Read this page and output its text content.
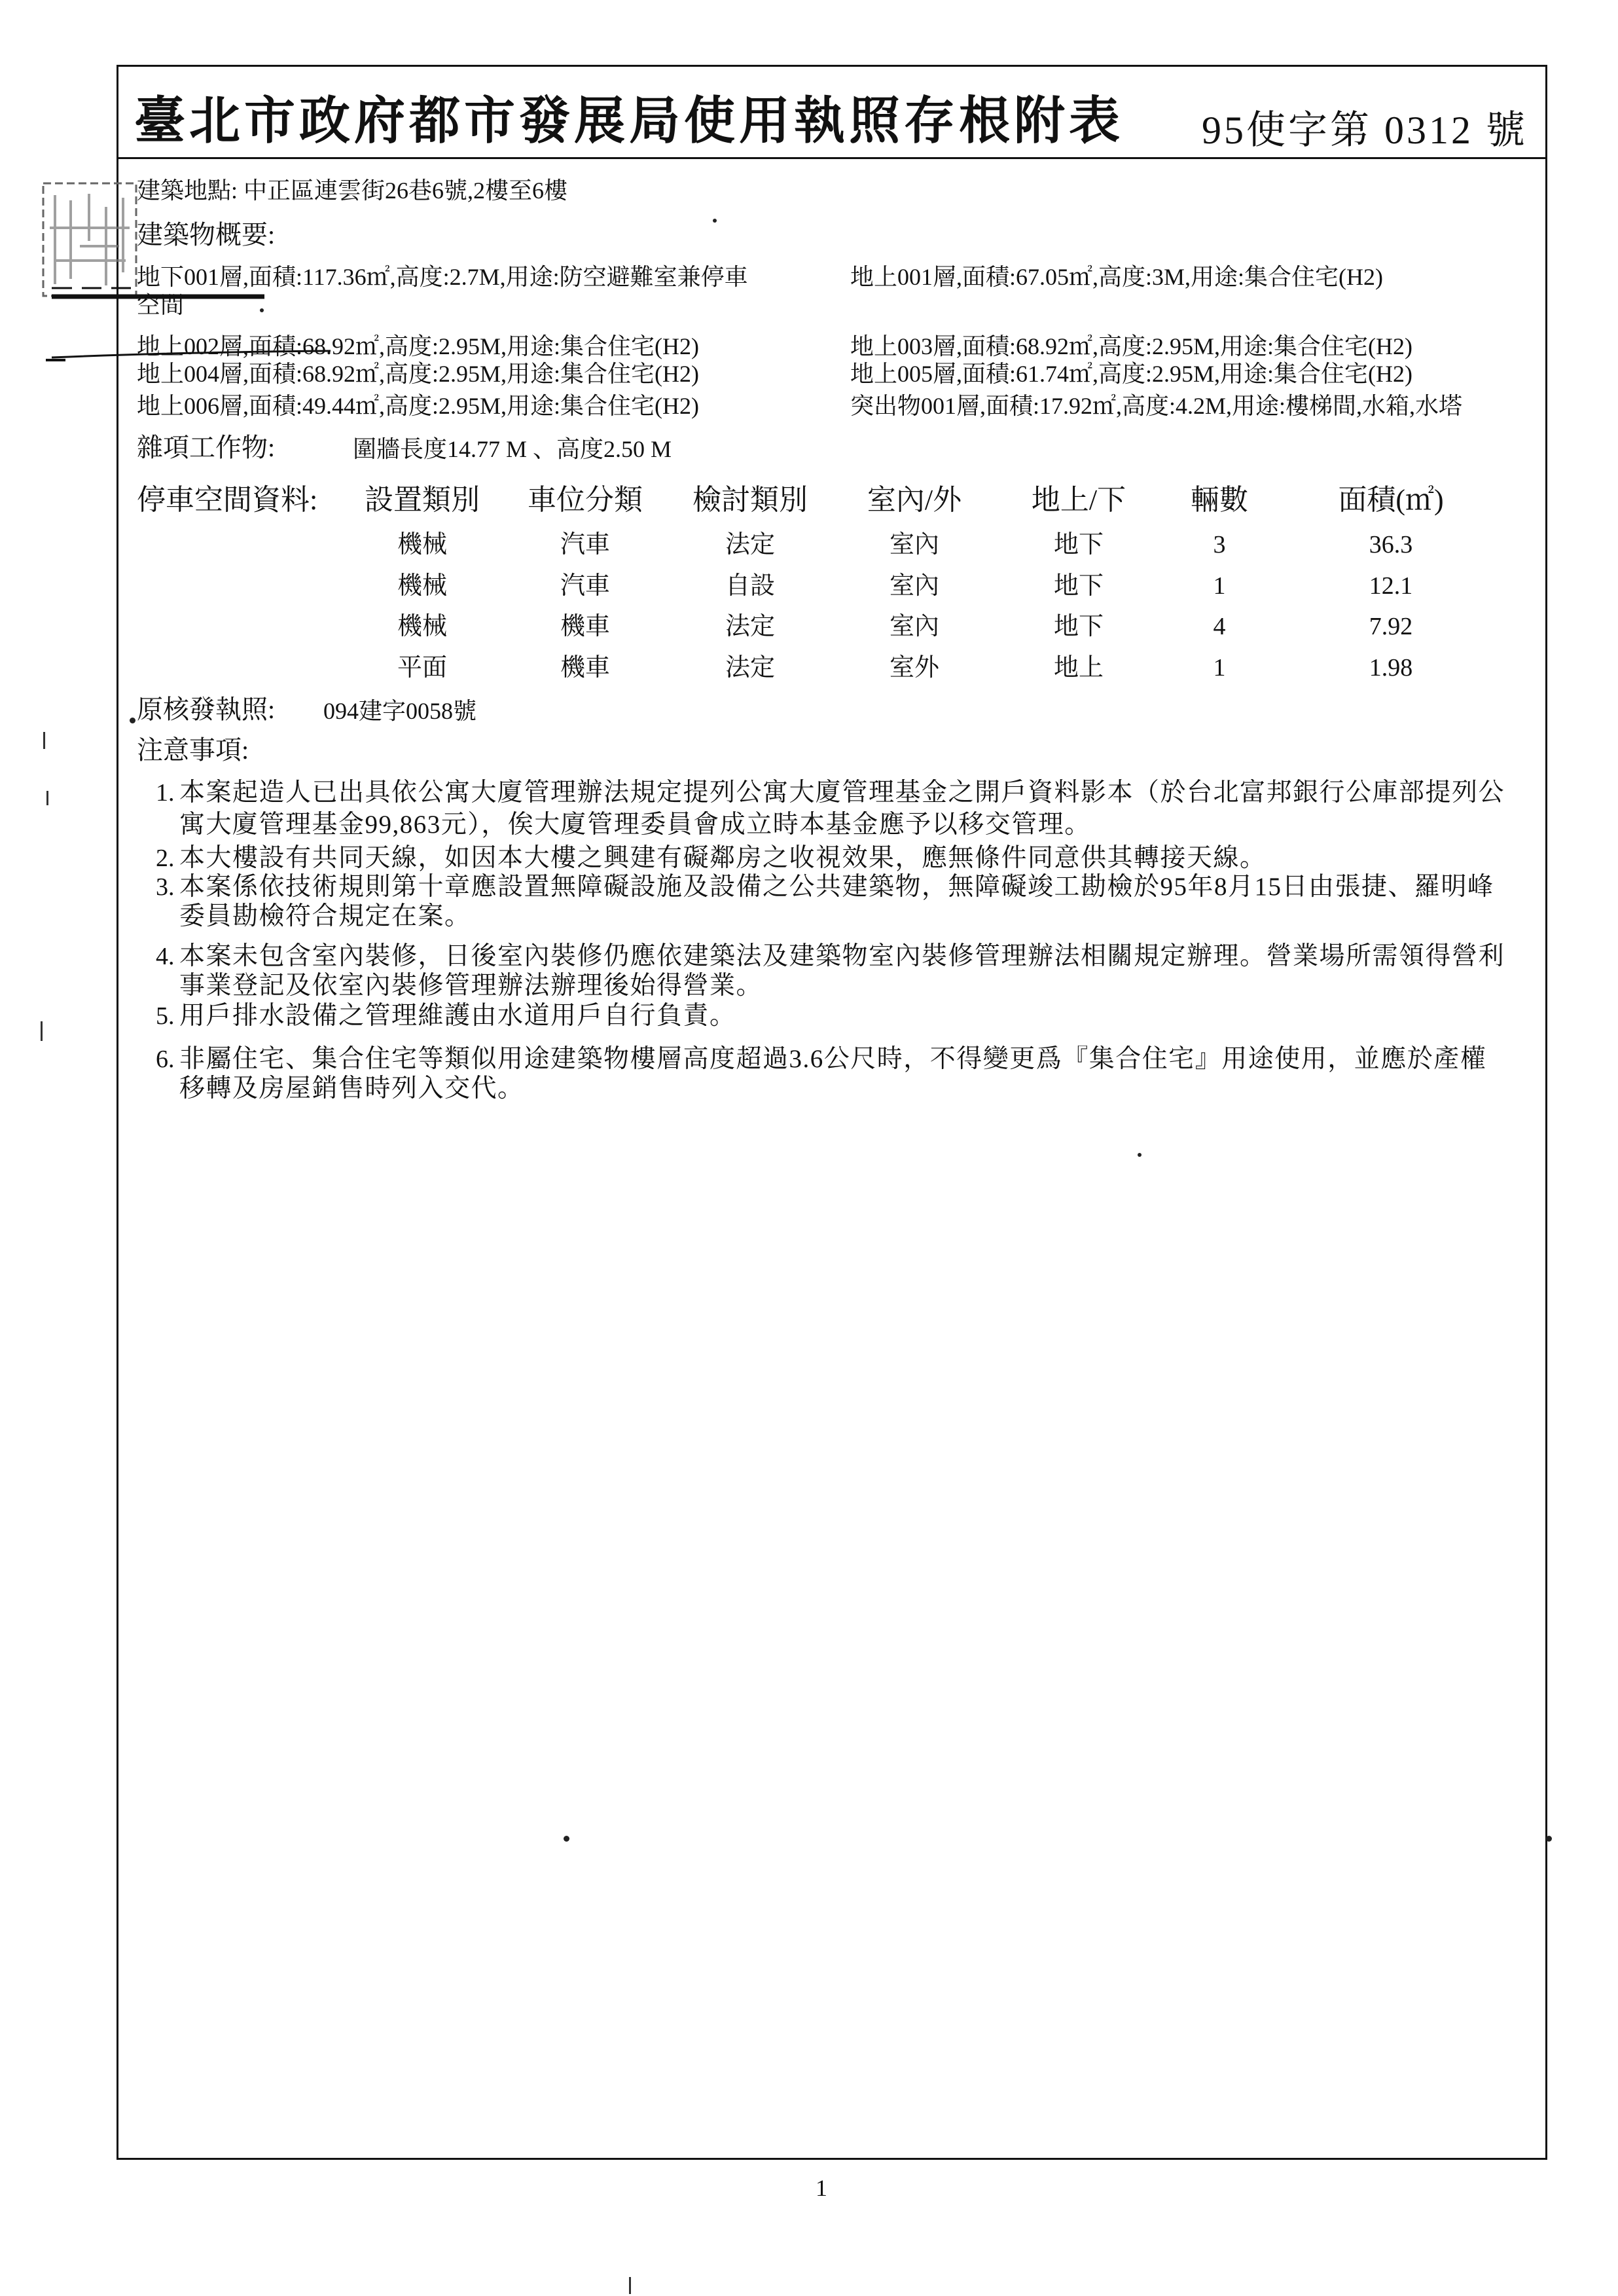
臺北市政府都市發展局使用執照存根附表	95使字第 0312 號
建築地點: 中正區連雲街26巷6號,2樓至6樓
建築物概要:
地下001層,面積:117.36㎡,高度:2.7M,用途:防空避難室兼停車	地上001層,面積:67.05㎡,高度:3M,用途:集合住宅(H2)
空間
地上002層,面積:68.92㎡,高度:2.95M,用途:集合住宅(H2)	地上003層,面積:68.92㎡,高度:2.95M,用途:集合住宅(H2)
地上004層,面積:68.92㎡,高度:2.95M,用途:集合住宅(H2)	地上005層,面積:61.74㎡,高度:2.95M,用途:集合住宅(H2)
地上006層,面積:49.44㎡,高度:2.95M,用途:集合住宅(H2)	突出物001層,面積:17.92㎡,高度:4.2M,用途:樓梯間,水箱,水塔
雜項工作物:	圍牆長度14.77 M 、高度2.50 M
停車空間資料:	設置類別	車位分類	檢討類別	室內/外	地上/下	輛數	面積(㎡)
機械	汽車	法定	室內	地下	3	36.3
機械	汽車	自設	室內	地下	1	12.1
機械	機車	法定	室內	地下	4	7.92
平面	機車	法定	室外	地上	1	1.98
原核發執照:	094建字0058號
注意事項:
1. 本案起造人已出具依公寓大廈管理辦法規定提列公寓大廈管理基金之開戶資料影本（於台北富邦銀行公庫部提列公
寓大廈管理基金99,863元），俟大廈管理委員會成立時本基金應予以移交管理。
2. 本大樓設有共同天線，如因本大樓之興建有礙鄰房之收視效果，應無條件同意供其轉接天線。
3. 本案係依技術規則第十章應設置無障礙設施及設備之公共建築物，無障礙竣工勘檢於95年8月15日由張捷、羅明峰
委員勘檢符合規定在案。
4. 本案未包含室內裝修，日後室內裝修仍應依建築法及建築物室內裝修管理辦法相關規定辦理。營業場所需領得營利
事業登記及依室內裝修管理辦法辦理後始得營業。
5. 用戶排水設備之管理維護由水道用戶自行負責。
6. 非屬住宅、集合住宅等類似用途建築物樓層高度超過3.6公尺時，不得變更爲『集合住宅』用途使用，並應於產權
移轉及房屋銷售時列入交代。
1
